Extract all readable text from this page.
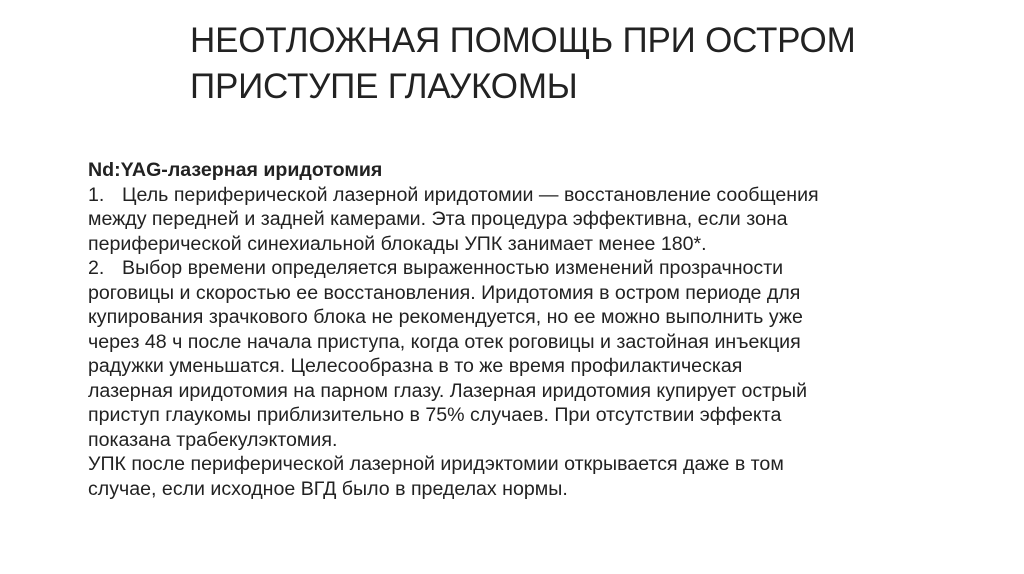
НЕОТЛОЖНАЯ ПОМОЩЬ ПРИ ОСТРОМ
ПРИСТУПЕ ГЛАУКОМЫ
Nd:YAG-лазерная иридотомия
1. Цель периферической лазерной иридотомии — восстановление сообщения
между передней и задней камерами. Эта процедура эффективна, если зона
периферической синехиальной блокады УПК занимает менее 180*.
2. Выбор времени определяется выраженностью изменений прозрачности
роговицы и скоростью ее восстановления. Иридотомия в остром периоде для
купирования зрачкового блока не рекомендуется, но ее можно выполнить уже
через 48 ч после начала приступа, когда отек роговицы и застойная инъекция
радужки уменьшатся. Целесообразна в то же время профилактическая
лазерная иридотомия на парном глазу. Лазерная иридотомия купирует острый
приступ глаукомы приблизительно в 75% случаев. При отсутствии эффекта
показана трабекулэктомия.
УПК после периферической лазерной иридэктомии открывается даже в том
случае, если исходное ВГД было в пределах нормы.
